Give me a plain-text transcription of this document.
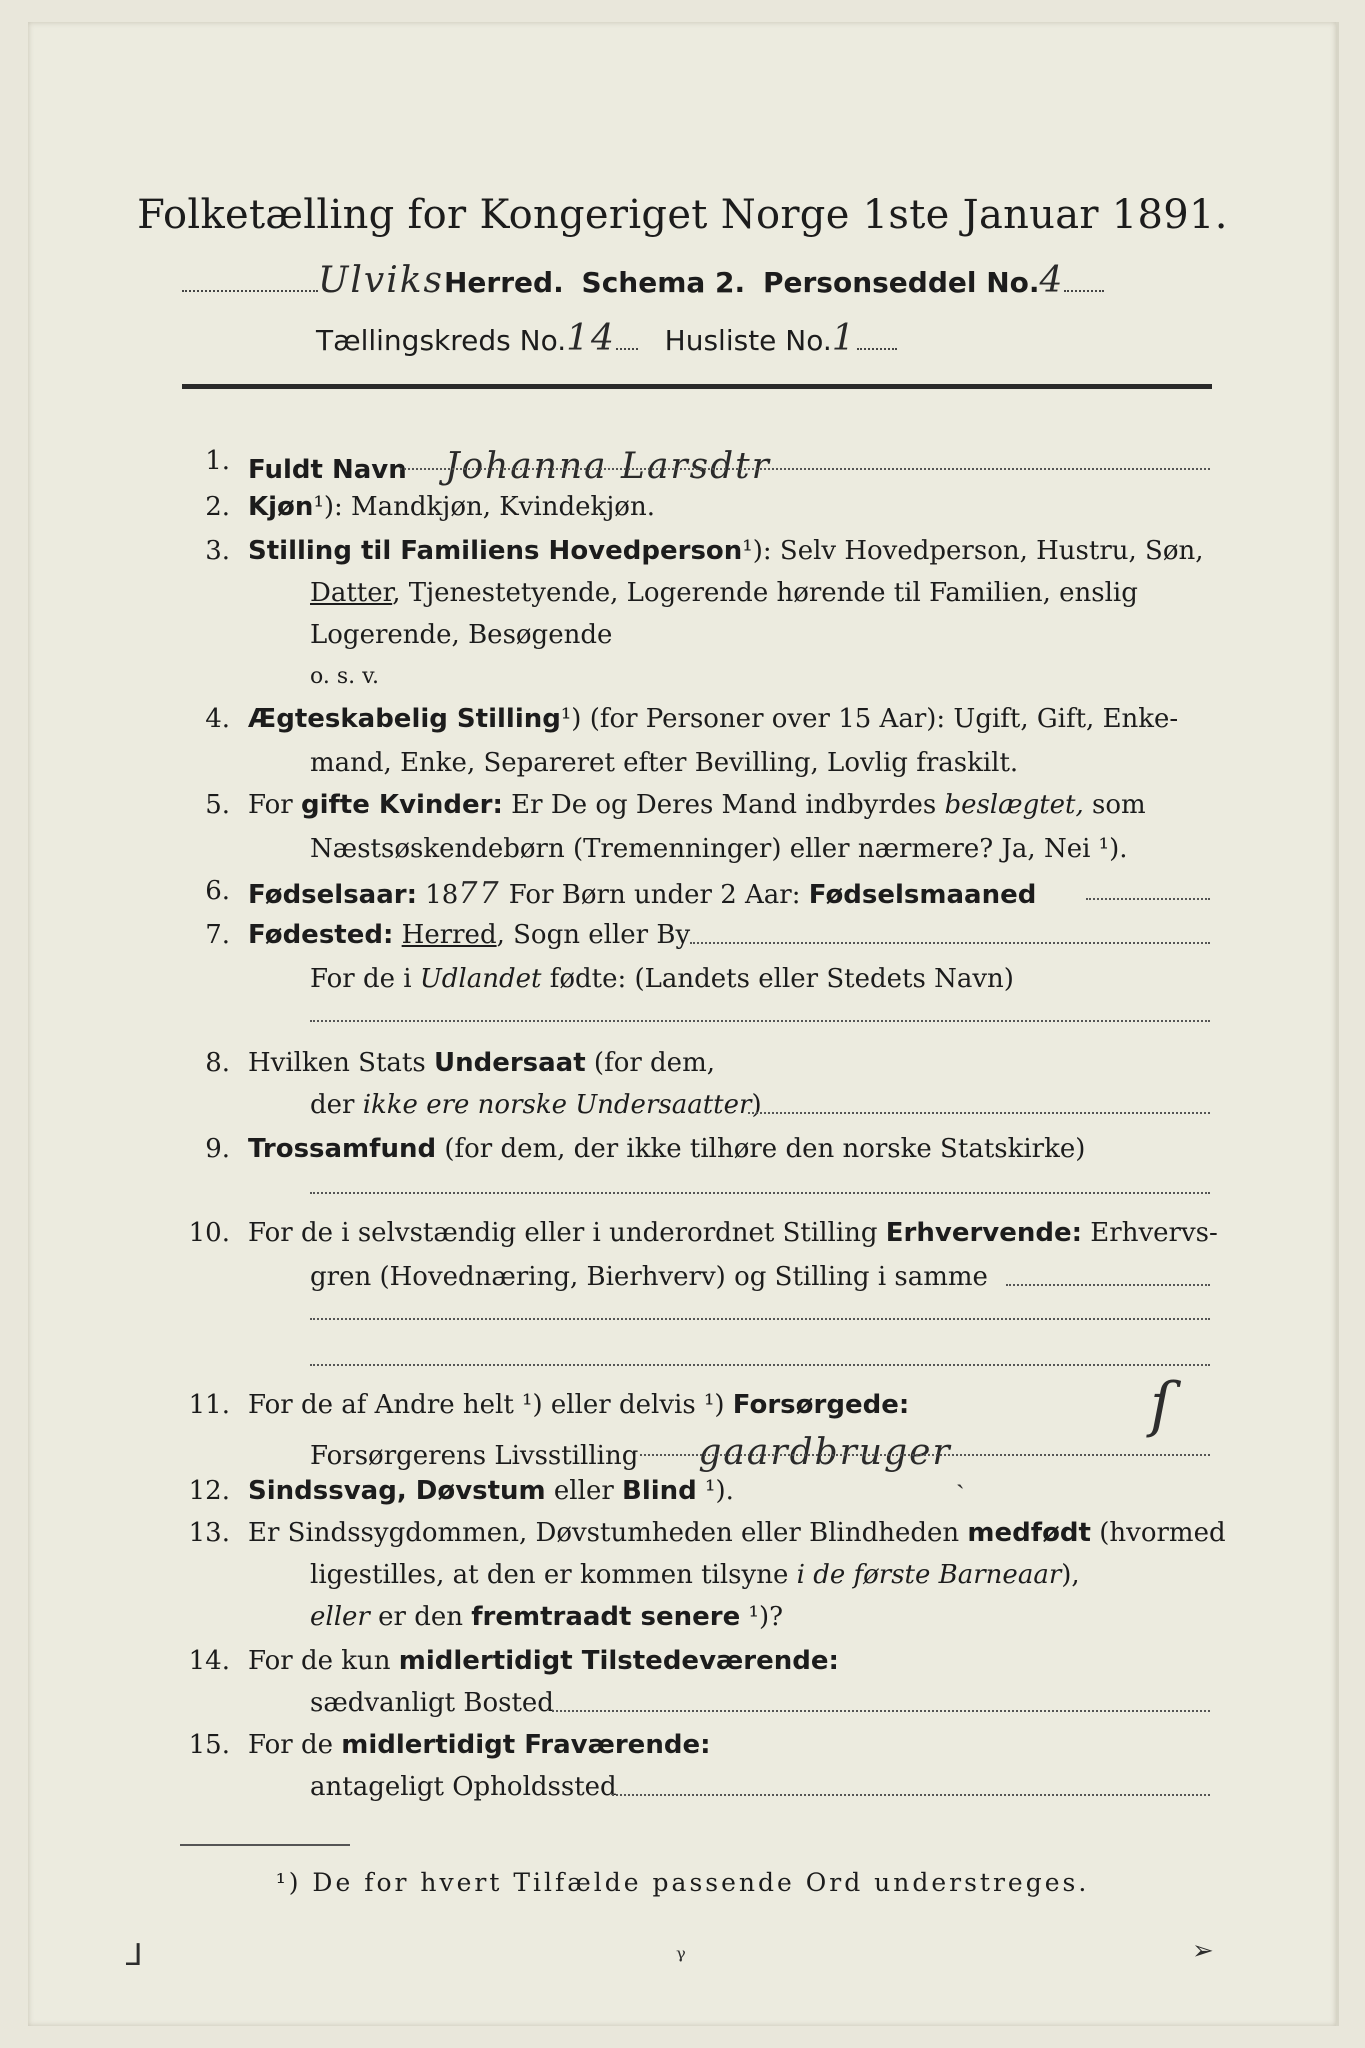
Folketælling for Kongeriget Norge 1ste Januar 1891.
UlviksHerred. Schema 2. Personseddel No.4
Tællingskreds No.14 Husliste No.1
1. Fuldt Navn Johanna Larsdtr
2. Kjøn¹): Mandkjøn, Kvindekjøn.
3. Stilling til Familiens Hovedperson¹): Selv Hovedperson, Hustru, Søn,
Datter, Tjenestetyende, Logerende hørende til Familien, enslig
Logerende, Besøgende
o. s. v.
4. Ægteskabelig Stilling¹) (for Personer over 15 Aar): Ugift, Gift, Enke-
mand, Enke, Separeret efter Bevilling, Lovlig fraskilt.
5. For gifte Kvinder: Er De og Deres Mand indbyrdes beslægtet, som
Næstsøskendebørn (Tremenninger) eller nærmere? Ja, Nei ¹).
6. Fødselsaar: 1877 For Børn under 2 Aar: Fødselsmaaned
7. Fødested: Herred, Sogn eller By
For de i Udlandet fødte: (Landets eller Stedets Navn)
8. Hvilken Stats Undersaat (for dem,
der ikke ere norske Undersaatter)
9. Trossamfund (for dem, der ikke tilhøre den norske Statskirke)
10. For de i selvstændig eller i underordnet Stilling Erhvervende: Erhvervs-
gren (Hovednæring, Bierhverv) og Stilling i samme
11. For de af Andre helt ¹) eller delvis ¹) Forsørgede:
Forsørgerens Livsstilling gaardbruger
ſ
ˏ
12. Sindssvag, Døvstum eller Blind ¹).
13. Er Sindssygdommen, Døvstumheden eller Blindheden medfødt (hvormed
ligestilles, at den er kommen tilsyne i de første Barneaar),
eller er den fremtraadt senere ¹)?
14. For de kun midlertidigt Tilstedeværende:
sædvanligt Bosted
15. For de midlertidigt Fraværende:
antageligt Opholdssted
¹) De for hvert Tilfælde passende Ord understreges.
⅃	ᵞ	➢
